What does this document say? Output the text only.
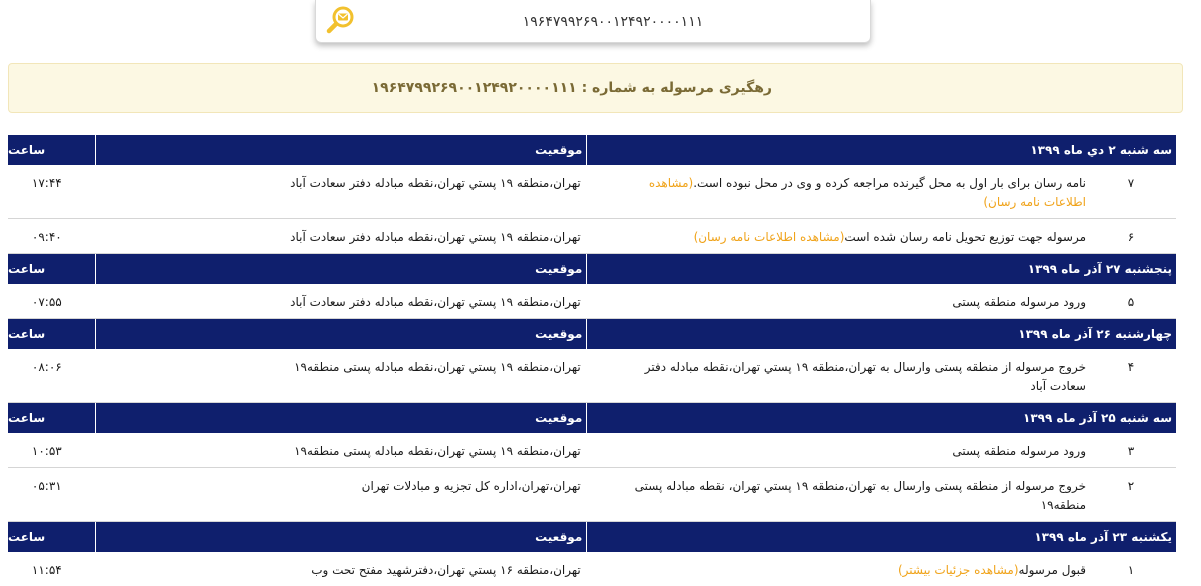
۱۹۶۴۷۹۹۲۶۹۰۰۱۲۴۹۲۰۰۰۰۱۱۱
رهگیری مرسوله به شماره : ۱۹۶۴۷۹۹۲۶۹۰۰۱۲۴۹۲۰۰۰۰۱۱۱
سه شنبه ۲ دي ماه ۱۳۹۹	موقعیت	ساعت
۷نامه رسان برای بار اول به محل گیرنده مراجعه کرده و وی در محل نبوده است.(مشاهده اطلاعات نامه رسان)	تهران،منطقه ۱۹ پستي تهران،نقطه مبادله دفتر سعادت آباد	۱۷:۴۴
۶مرسوله جهت توزیع تحویل نامه رسان شده است(مشاهده اطلاعات نامه رسان)	تهران،منطقه ۱۹ پستي تهران،نقطه مبادله دفتر سعادت آباد	۰۹:۴۰
پنجشنبه ۲۷ آذر ماه ۱۳۹۹	موقعیت	ساعت
۵ورود مرسوله منطقه پستی	تهران،منطقه ۱۹ پستي تهران،نقطه مبادله دفتر سعادت آباد	۰۷:۵۵
چهارشنبه ۲۶ آذر ماه ۱۳۹۹	موقعیت	ساعت
۴خروج مرسوله از منطقه پستی وارسال به تهران،منطقه ۱۹ پستي تهران،نقطه مبادله دفتر سعادت آباد	تهران،منطقه ۱۹ پستي تهران،نقطه مبادله پستی منطقه۱۹	۰۸:۰۶
سه شنبه ۲۵ آذر ماه ۱۳۹۹	موقعیت	ساعت
۳ورود مرسوله منطقه پستی	تهران،منطقه ۱۹ پستي تهران،نقطه مبادله پستی منطقه۱۹	۱۰:۵۳
۲خروج مرسوله از منطقه پستی وارسال به تهران،منطقه ۱۹ پستي تهران، نقطه مبادله پستی منطقه۱۹	تهران،تهران،اداره کل تجزیه و مبادلات تهران	۰۵:۳۱
یکشنبه ۲۳ آذر ماه ۱۳۹۹	موقعیت	ساعت
۱قبول مرسوله(مشاهده جزئیات بیشتر)	تهران،منطقه ۱۶ پستي تهران،دفترشهید مفتح تحت وب	۱۱:۵۴
